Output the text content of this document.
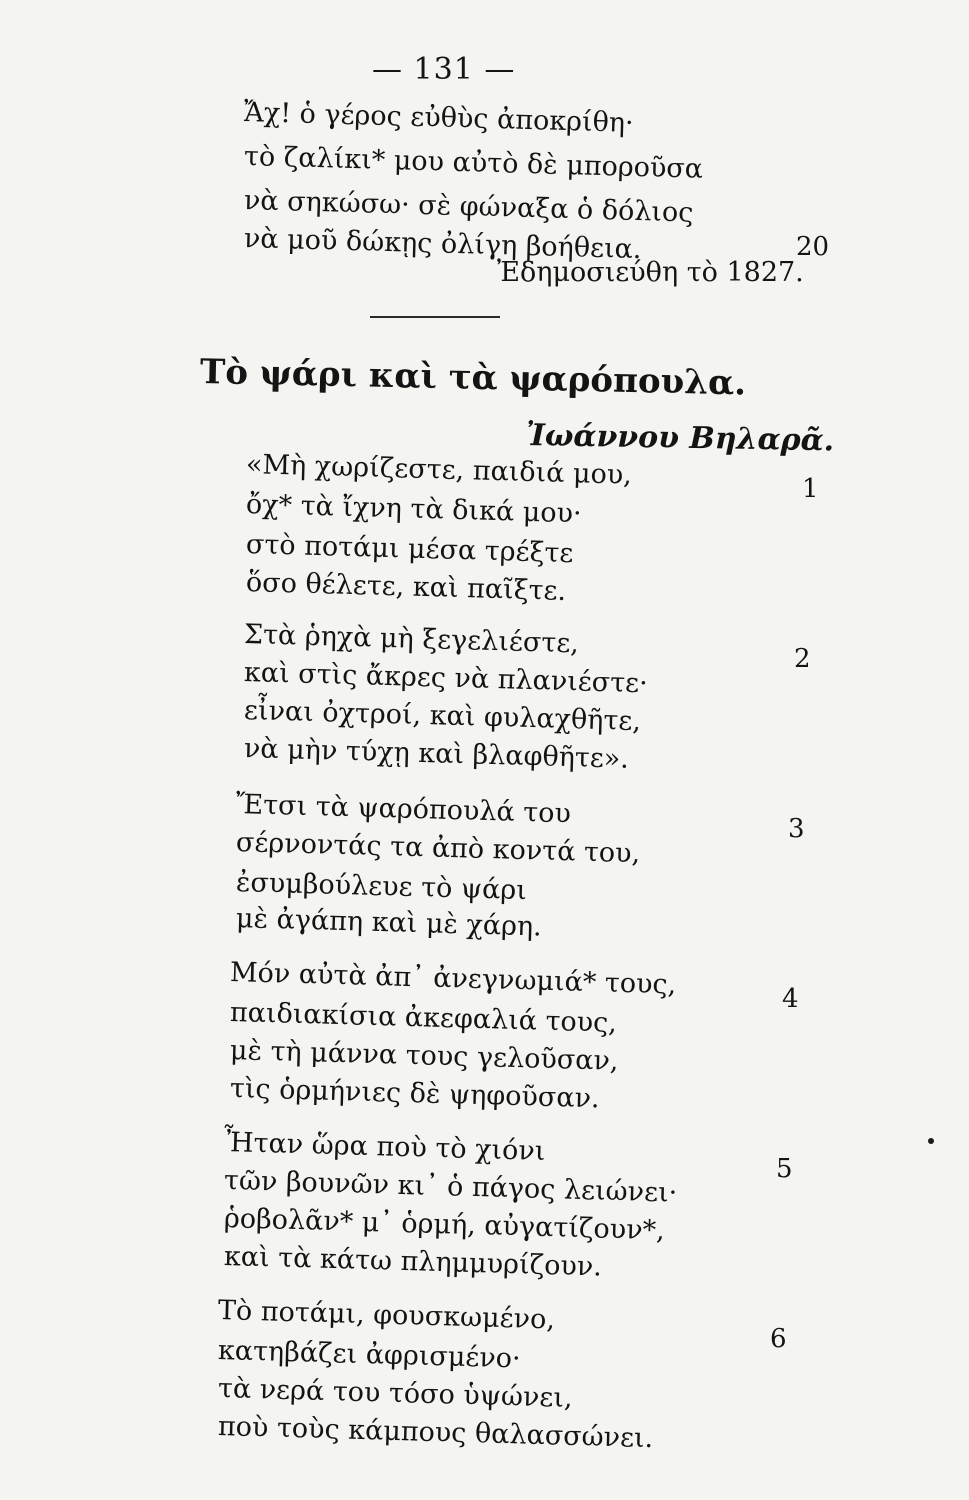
— 131 —
Ἄχ! ὁ γέρος εὐθὺς ἀποκρίθη·
τὸ ζαλίκι* μου αὐτὸ δὲ μποροῦσα
νὰ σηκώσω· σὲ φώναξα ὁ δόλιος
νὰ μοῦ δώκῃς ὀλίγη βοήθεια.	20
Ἐδημοσιεύθη τὸ 1827.
Τὸ ψάρι καὶ τὰ ψαρόπουλα.
Ἰωάννου Βηλαρᾶ.
«Μὴ χωρίζεστε, παιδιά μου,
ὄχ* τὰ ἴχνη τὰ δικά μου·
στὸ ποτάμι μέσα τρέξτε
ὅσο θέλετε, καὶ παῖξτε.
1
Στὰ ῥηχὰ μὴ ξεγελιέστε,
καὶ στὶς ἄκρες νὰ πλανιέστε·
εἶναι ὀχτροί, καὶ φυλαχθῆτε,
νὰ μὴν τύχῃ καὶ βλαφθῆτε».
2
Ἔτσι τὰ ψαρόπουλά του
σέρνοντάς τα ἀπὸ κοντά του,
ἐσυμβούλευε τὸ ψάρι
μὲ ἀγάπη καὶ μὲ χάρη.
3
Μόν αὐτὰ ἀπ᾽ ἀνεγνωμιά* τους,
παιδιακίσια ἀκεφαλιά τους,
μὲ τὴ μάννα τους γελοῦσαν,
τὶς ὁρμήνιες δὲ ψηφοῦσαν.
4
Ἦταν ὥρα ποὺ τὸ χιόνι
τῶν βουνῶν κι᾽ ὁ πάγος λειώνει·
ῥοβολᾶν* μ᾽ ὁρμή, αὐγατίζουν*,
καὶ τὰ κάτω πλημμυρίζουν.
5
Τὸ ποτάμι, φουσκωμένο,
κατηβάζει ἀφρισμένο·
τὰ νερά του τόσο ὑψώνει,
ποὺ τοὺς κάμπους θαλασσώνει.
6
